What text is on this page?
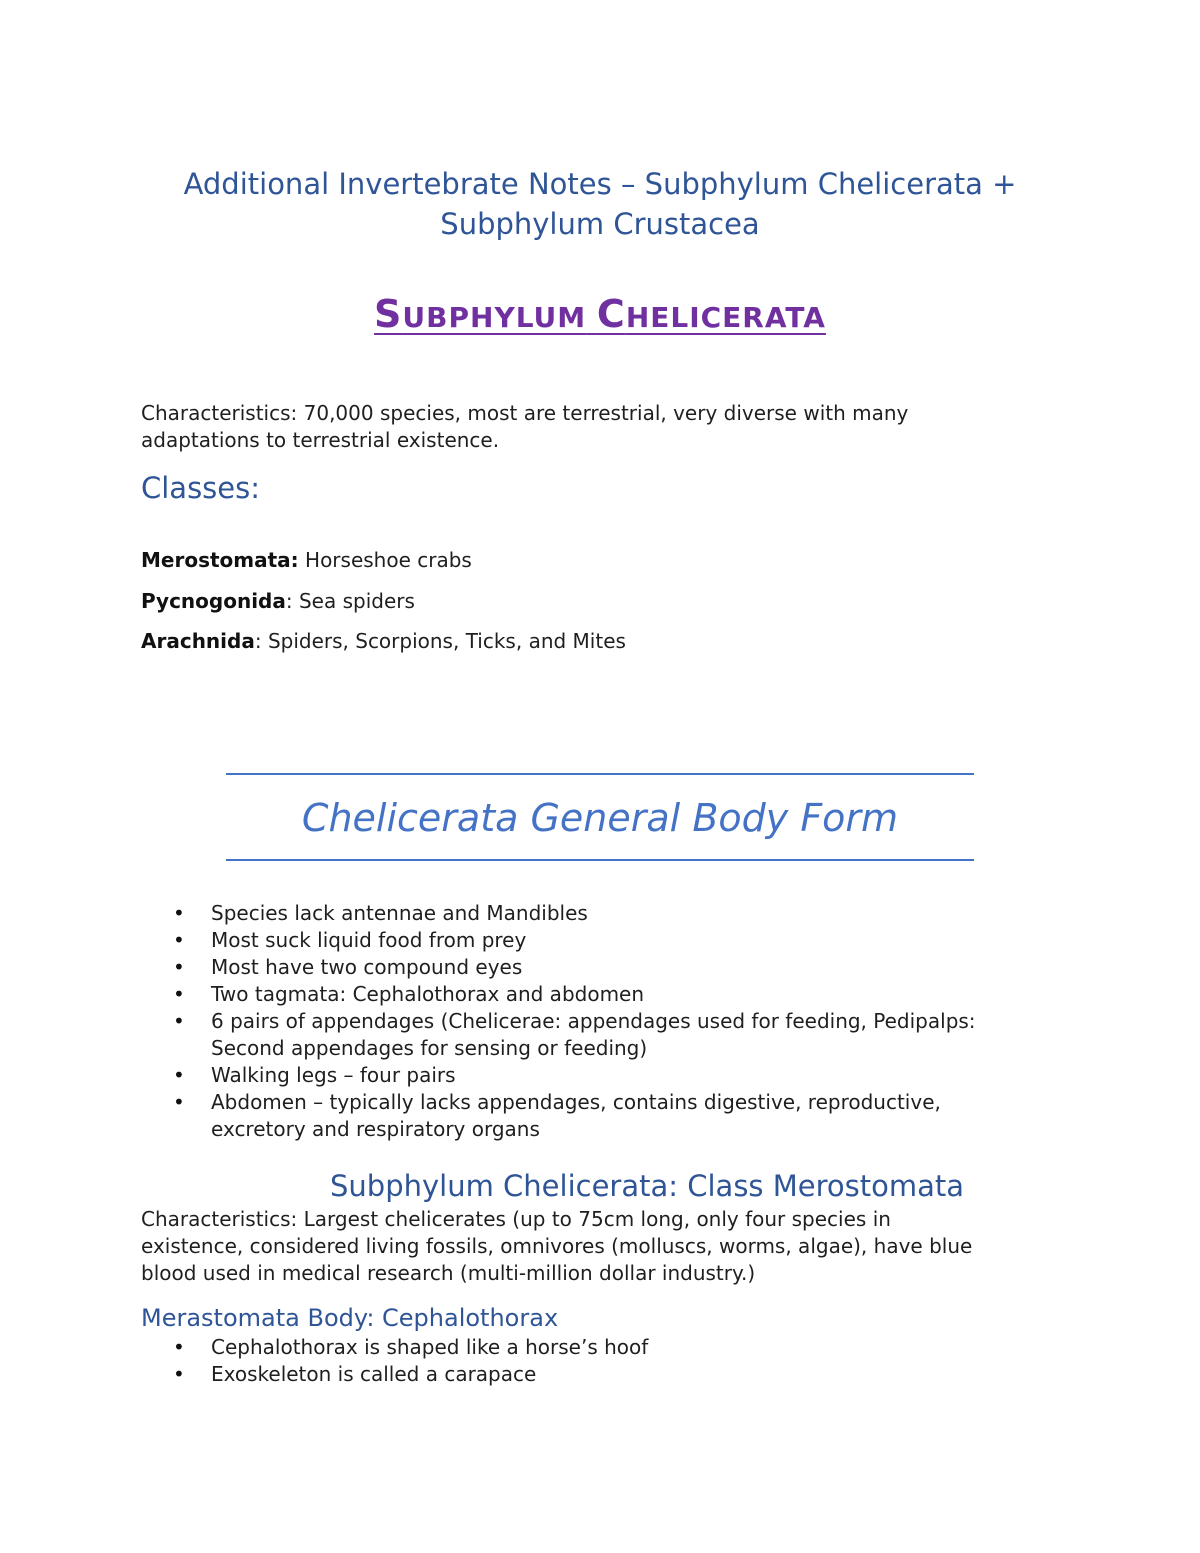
Additional Invertebrate Notes – Subphylum Chelicerata +
Subphylum Crustacea
SUBPHYLUM CHELICERATA

Characteristics: 70,000 species, most are terrestrial, very diverse with many
adaptations to terrestrial existence.

Classes:

Merostomata: Horseshoe crabs

Pycnogonida: Sea spiders

Arachnida: Spiders, Scorpions, Ticks, and Mites

Chelicerata General Body Form
• Species lack antennae and Mandibles
• Most suck liquid food from prey
• Most have two compound eyes
• Two tagmata: Cephalothorax and abdomen
• 6 pairs of appendages (Chelicerae: appendages used for feeding, Pedipalps: Second appendages for sensing or feeding)
• Walking legs – four pairs
• Abdomen – typically lacks appendages, contains digestive, reproductive, excretory and respiratory organs
Subphylum Chelicerata: Class Merostomata

Characteristics: Largest chelicerates (up to 75cm long, only four species in
existence, considered living fossils, omnivores (molluscs, worms, algae), have blue
blood used in medical research (multi-million dollar industry.)

Merastomata Body: Cephalothorax
• Cephalothorax is shaped like a horse’s hoof
• Exoskeleton is called a carapace
